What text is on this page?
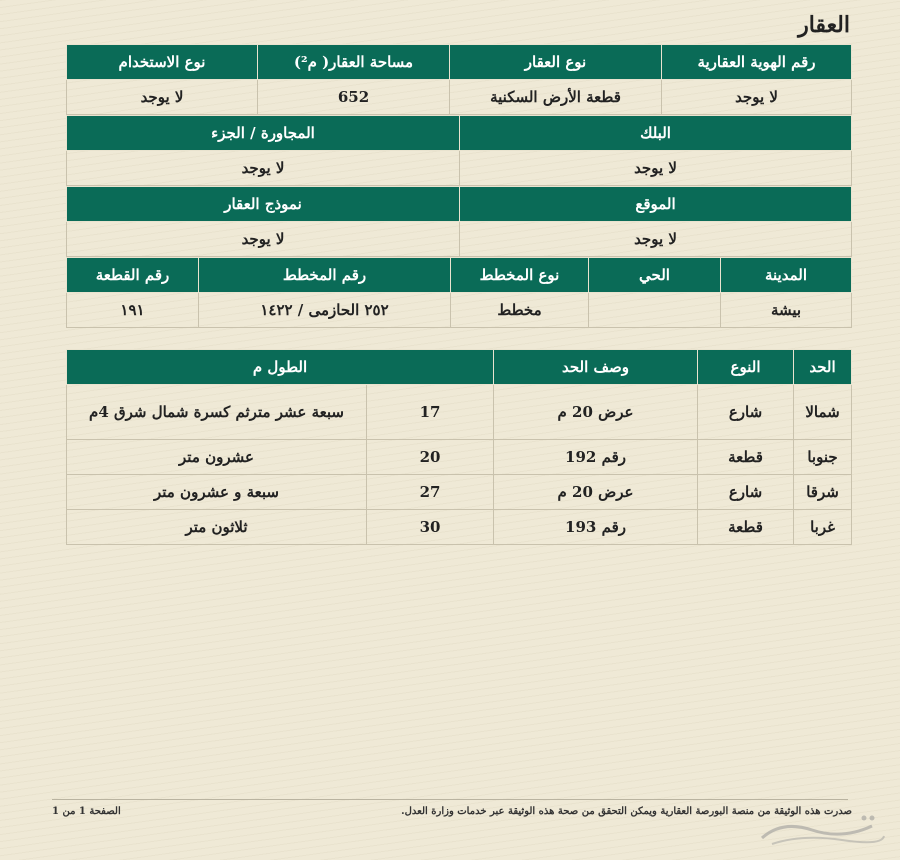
العقار
رقم الهوية العقارية	نوع العقار	مساحة العقار( م²)	نوع الاستخدام
لا يوجد	قطعة الأرض السكنية	652	لا يوجد
البلك	المجاورة / الجزء
لا يوجد	لا يوجد
الموقع	نموذج العقار
لا يوجد	لا يوجد
المدينة	الحي	نوع المخطط	رقم المخطط	رقم القطعة
بيشة		مخطط	٢٥٢ الحازمى / ١٤٢٢	١٩١
الحد	النوع	وصف الحد	الطول م	
شمالا	شارع	عرض 20 م	17	سبعة عشر مترثم كسرة شمال شرق 4م
جنوبا	قطعة	رقم 192	20	عشرون متر
شرقا	شارع	عرض 20 م	27	سبعة و عشرون متر
غربا	قطعة	رقم 193	30	ثلاثون متر
صدرت هذه الوثيقة من منصة البورصة العقارية ويمكن التحقق من صحة هذه الوثيقة عبر خدمات وزارة العدل.
الصفحة 1 من 1
